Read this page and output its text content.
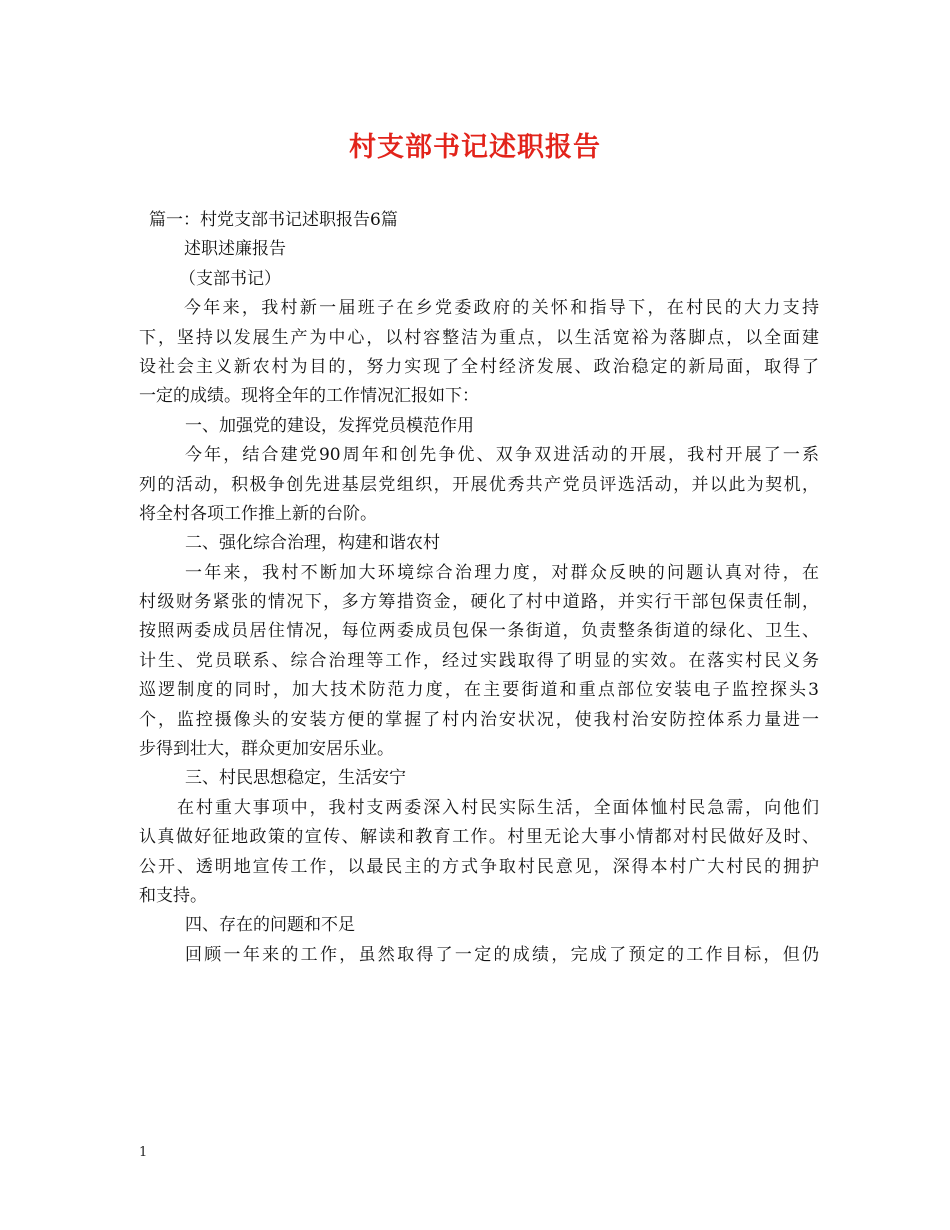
村支部书记述职报告

篇一：村党支部书记述职报告6篇

述职述廉报告

（支部书记）

今年来，我村新一届班子在乡党委政府的关怀和指导下，在村民的大力支持

下，坚持以发展生产为中心，以村容整洁为重点，以生活宽裕为落脚点，以全面建

设社会主义新农村为目的，努力实现了全村经济发展、政治稳定的新局面，取得了

一定的成绩。现将全年的工作情况汇报如下：

一、加强党的建设，发挥党员模范作用

今年，结合建党90周年和创先争优、双争双进活动的开展，我村开展了一系

列的活动，积极争创先进基层党组织，开展优秀共产党员评选活动，并以此为契机，

将全村各项工作推上新的台阶。

二、强化综合治理，构建和谐农村

一年来，我村不断加大环境综合治理力度，对群众反映的问题认真对待，在

村级财务紧张的情况下，多方筹措资金，硬化了村中道路，并实行干部包保责任制，

按照两委成员居住情况，每位两委成员包保一条街道，负责整条街道的绿化、卫生、

计生、党员联系、综合治理等工作，经过实践取得了明显的实效。在落实村民义务

巡逻制度的同时，加大技术防范力度，在主要街道和重点部位安装电子监控探头3

个，监控摄像头的安装方便的掌握了村内治安状况，使我村治安防控体系力量进一

步得到壮大，群众更加安居乐业。

三、村民思想稳定，生活安宁

在村重大事项中，我村支两委深入村民实际生活，全面体恤村民急需，向他们

认真做好征地政策的宣传、解读和教育工作。村里无论大事小情都对村民做好及时、

公开、透明地宣传工作，以最民主的方式争取村民意见，深得本村广大村民的拥护

和支持。

四、存在的问题和不足

回顾一年来的工作，虽然取得了一定的成绩，完成了预定的工作目标，但仍

1
